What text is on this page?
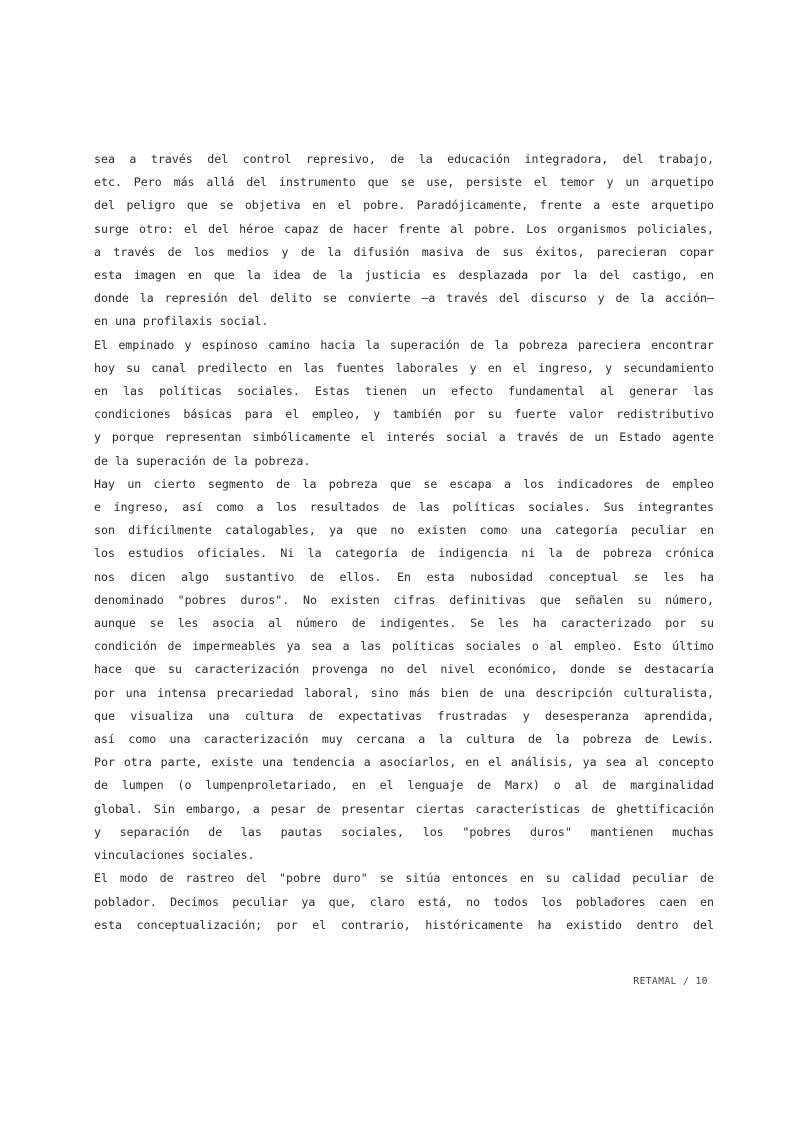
sea a través del control represivo, de la educación integradora, del trabajo,
etc. Pero más allá del instrumento que se use, persiste el temor y un arquetipo
del peligro que se objetiva en el pobre. Paradójicamente, frente a este arquetipo
surge otro: el del héroe capaz de hacer frente al pobre. Los organismos policiales,
a través de los medios y de la difusión masiva de sus éxitos, parecieran copar
esta imagen en que la idea de la justicia es desplazada por la del castigo, en
donde la represión del delito se convierte —a través del discurso y de la acción—
en una profilaxis social.
El empinado y espinoso camino hacia la superación de la pobreza pareciera encontrar
hoy su canal predilecto en las fuentes laborales y en el ingreso, y secundamiento
en las políticas sociales. Estas tienen un efecto fundamental al generar las
condiciones básicas para el empleo, y también por su fuerte valor redistributivo
y porque representan simbólicamente el interés social a través de un Estado agente
de la superación de la pobreza.
Hay un cierto segmento de la pobreza que se escapa a los indicadores de empleo
e ingreso, así como a los resultados de las políticas sociales. Sus integrantes
son difícilmente catalogables, ya que no existen como una categoría peculiar en
los estudios oficiales. Ni la categoría de indigencia ni la de pobreza crónica
nos dicen algo sustantivo de ellos. En esta nubosidad conceptual se les ha
denominado "pobres duros". No existen cifras definitivas que señalen su número,
aunque se les asocia al número de indigentes. Se les ha caracterizado por su
condición de impermeables ya sea a las políticas sociales o al empleo. Esto último
hace que su caracterización provenga no del nivel económico, donde se destacaría
por una intensa precariedad laboral, sino más bien de una descripción culturalista,
que visualiza una cultura de expectativas frustradas y desesperanza aprendida,
así como una caracterización muy cercana a la cultura de la pobreza de Lewis.
Por otra parte, existe una tendencia a asociarlos, en el análisis, ya sea al concepto
de lumpen (o lumpenproletariado, en el lenguaje de Marx) o al de marginalidad
global. Sin embargo, a pesar de presentar ciertas características de ghettificación
y separación de las pautas sociales, los "pobres duros" mantienen muchas
vinculaciones sociales.
El modo de rastreo del "pobre duro" se sitúa entonces en su calidad peculiar de
poblador. Decimos peculiar ya que, claro está, no todos los pobladores caen en
esta conceptualización; por el contrario, históricamente ha existido dentro del
RETAMAL / 10
